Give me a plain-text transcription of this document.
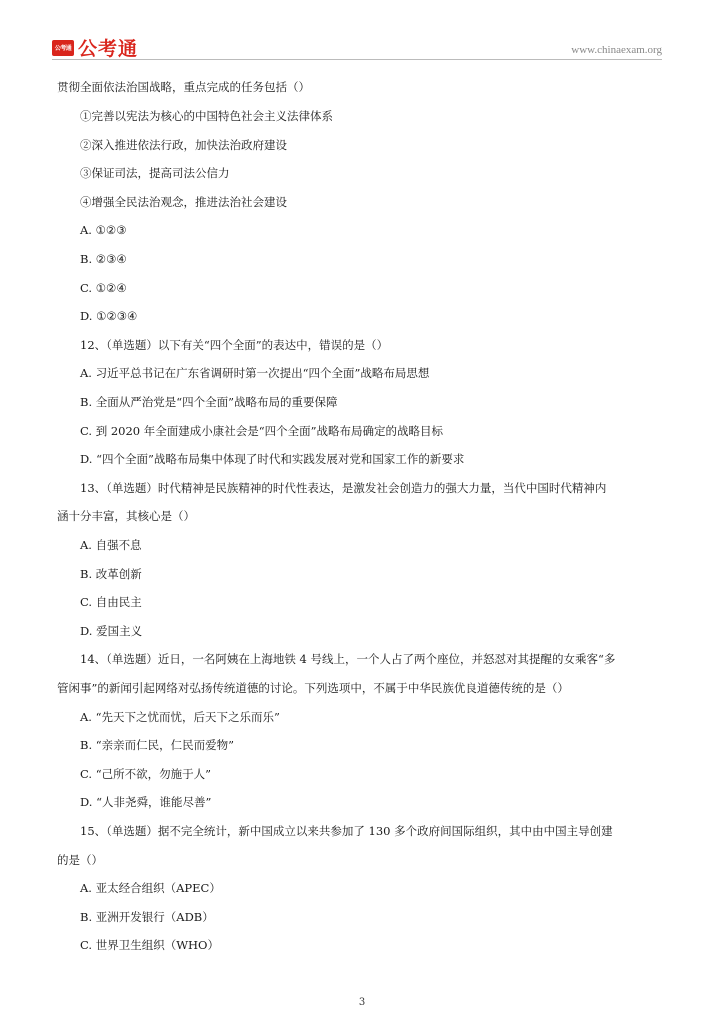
公考通 公考通	www.chinaexam.org
贯彻全面依法治国战略，重点完成的任务包括（）
①完善以宪法为核心的中国特色社会主义法律体系
②深入推进依法行政，加快法治政府建设
③保证司法，提高司法公信力
④增强全民法治观念，推进法治社会建设
A. ①②③
B. ②③④
C. ①②④
D. ①②③④
12、（单选题）以下有关“四个全面”的表达中，错误的是（）
A. 习近平总书记在广东省调研时第一次提出“四个全面”战略布局思想
B. 全面从严治党是“四个全面”战略布局的重要保障
C. 到 2020 年全面建成小康社会是“四个全面”战略布局确定的战略目标
D. “四个全面”战略布局集中体现了时代和实践发展对党和国家工作的新要求
13、（单选题）时代精神是民族精神的时代性表达，是激发社会创造力的强大力量，当代中国时代精神内
涵十分丰富，其核心是（）
A. 自强不息
B. 改革创新
C. 自由民主
D. 爱国主义
14、（单选题）近日，一名阿姨在上海地铁 4 号线上，一个人占了两个座位，并怒怼对其提醒的女乘客“多
管闲事”的新闻引起网络对弘扬传统道德的讨论。下列选项中，不属于中华民族优良道德传统的是（）
A. “先天下之忧而忧，后天下之乐而乐”
B. “亲亲而仁民，仁民而爱物”
C. “己所不欲，勿施于人”
D. “人非尧舜，谁能尽善”
15、（单选题）据不完全统计，新中国成立以来共参加了 130 多个政府间国际组织，其中由中国主导创建
的是（）
A. 亚太经合组织（APEC）
B. 亚洲开发银行（ADB）
C. 世界卫生组织（WHO）
3
